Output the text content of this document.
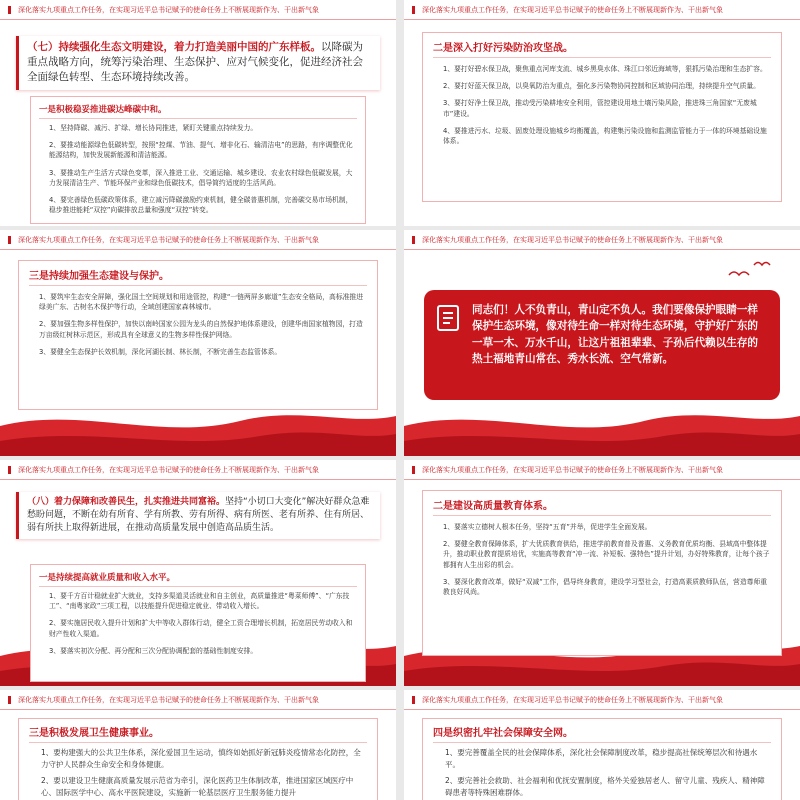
深化落实九项重点工作任务，在实现习近平总书记赋予的使命任务上不断展现新作为、干出新气象
（七）持续强化生态文明建设，着力打造美丽中国的广东样板。以降碳为重点战略方向，统筹污染治理、生态保护、应对气候变化，促进经济社会全面绿色转型、生态环境持续改善。
一是积极稳妥推进碳达峰碳中和。
1、坚持降碳、减污、扩绿、增长协同推进，紧盯关键重点持续发力。
2、要推动能源绿色低碳转型，按照“控煤、节油、提气、增非化石、输清洁电”的思路，有序调整优化能源结构，加快发展新能源和清洁能源。
3、要推动生产生活方式绿色变革，深入推进工业、交通运输、城乡建设、农业农村绿色低碳发展，大力发展清洁生产、节能环保产业和绿色低碳技术，倡导简约适度的生活风尚。
4、要完善绿色低碳政策体系，建立减污降碳激励约束机制，健全碳普惠机制，完善碳交易市场机制，稳步推进能耗“双控”向碳排放总量和强度“双控”转变。
深化落实九项重点工作任务，在实现习近平总书记赋予的使命任务上不断展现新作为、干出新气象
二是深入打好污染防治攻坚战。
1、要打好碧水保卫战，聚焦重点河库支流、城乡黑臭水体、珠江口邻近海域等，狠抓污染治理和生态扩容。
2、要打好蓝天保卫战，以臭氧防治为重点，强化多污染物协同控制和区域协同治理，持续提升空气质量。
3、要打好净土保卫战，推动受污染耕地安全利用，管控建设用地土壤污染风险，推进珠三角国家“无废城市”建设。
4、要推进污水、垃圾、固废处理设施城乡均衡覆盖，构建集污染设施和监测监管能力于一体的环境基础设施体系。
深化落实九项重点工作任务，在实现习近平总书记赋予的使命任务上不断展现新作为、干出新气象
三是持续加强生态建设与保护。
1、要筑牢生态安全屏障，强化国土空间规划和用途管控，构建“一链两屏多廊道”生态安全格局，高标准推进绿美广东、古树名木保护等行动，全域创建国家森林城市。
2、要加强生物多样性保护，加快以南岭国家公园为龙头的自然保护地体系建设，创建华南国家植物园，打造万亩级红树林示范区，形成具有全球意义的生物多样性保护网络。
3、要健全生态保护长效机制，深化河湖长制、林长制，不断完善生态监管体系。
深化落实九项重点工作任务，在实现习近平总书记赋予的使命任务上不断展现新作为、干出新气象
同志们！人不负青山，青山定不负人。我们要像保护眼睛一样保护生态环境，像对待生命一样对待生态环境，守护好广东的一草一木、万水千山，让这片祖祖辈辈、子孙后代赖以生存的热土福地青山常在、秀水长流、空气常新。
深化落实九项重点工作任务，在实现习近平总书记赋予的使命任务上不断展现新作为、干出新气象
（八）着力保障和改善民生，扎实推进共同富裕。坚持“小切口大变化”解决好群众急难愁盼问题，不断在幼有所育、学有所教、劳有所得、病有所医、老有所养、住有所居、弱有所扶上取得新进展，在推动高质量发展中创造高品质生活。
一是持续提高就业质量和收入水平。
1、要千方百计稳就业扩大就业，支持多渠道灵活就业和自主创业，高质量推进“粤菜师傅”、“广东技工”、“南粤家政”三项工程，以技能提升促进稳定就业、带动收入增长。
2、要实施居民收入提升计划和扩大中等收入群体行动，健全工资合理增长机制，拓宽居民劳动收入和财产性收入渠道。
3、要落实初次分配、再分配和三次分配协调配套的基础性制度安排。
深化落实九项重点工作任务，在实现习近平总书记赋予的使命任务上不断展现新作为、干出新气象
二是建设高质量教育体系。
1、要落实立德树人根本任务，坚持“五育”并举，促进学生全面发展。
2、要健全教育保障体系，扩大优质教育供给，推进学前教育普及普惠、义务教育优质均衡、县域高中整体提升，推动职业教育提质培优，实施高等教育“冲一流、补短板、强特色”提升计划，办好特殊教育，让每个孩子都拥有人生出彩的机会。
3、要深化教育改革，做好“双减”工作，倡导终身教育，建设学习型社会，打造高素质教师队伍，营造尊师重教良好风尚。
深化落实九项重点工作任务，在实现习近平总书记赋予的使命任务上不断展现新作为、干出新气象
三是积极发展卫生健康事业。
1、要构建强大的公共卫生体系，深化爱国卫生运动，慎终如始抓好新冠肺炎疫情常态化防控，全力守护人民群众生命安全和身体健康。
2、要以建设卫生健康高质量发展示范省为牵引，深化医药卫生体制改革，推进国家区域医疗中心、国际医学中心、高水平医院建设，实施新一轮基层医疗卫生服务能力提升
深化落实九项重点工作任务，在实现习近平总书记赋予的使命任务上不断展现新作为、干出新气象
四是织密扎牢社会保障安全网。
1、要完善覆盖全民的社会保障体系，深化社会保障制度改革，稳步提高社保统筹层次和待遇水平。
2、要完善社会救助、社会福利和优抚安置制度，格外关爱独居老人、留守儿童、残疾人、精神障碍患者等特殊困难群体。
